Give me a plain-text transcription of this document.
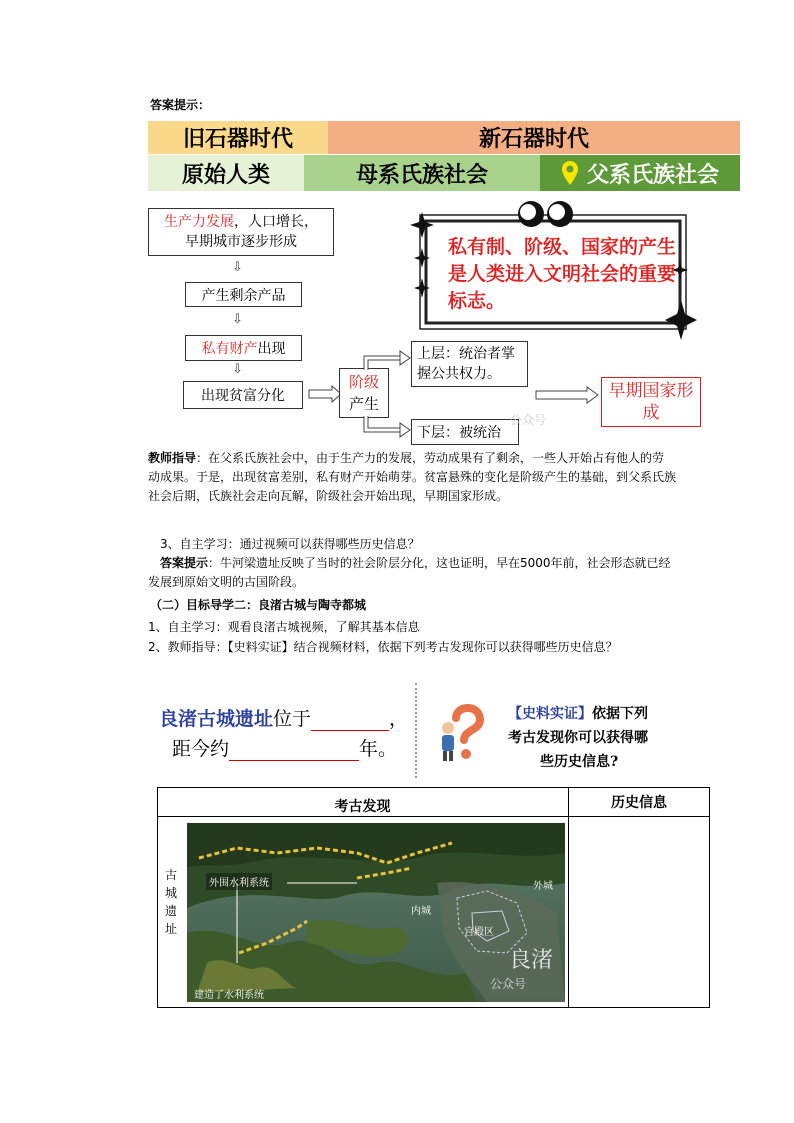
答案提示：
旧石器时代	新石器时代
原始人类	母系氏族社会	父系氏族社会
生产力发展，人口增长，
早期城市逐步形成
⇩
产生剩余产品
⇩
私有财产 出现
⇩
出现贫富分化
阶级
产生
上层：统治者掌握公共权力。
下层：被统治
早期国家形成
公众号
私有制、阶级、国家的产生是人类进入文明社会的重要标志。

教师指导：在父系氏族社会中，由于生产力的发展，劳动成果有了剩余，一些人开始占有他人的劳动成果。于是，出现贫富差别，私有财产开始萌芽。贫富悬殊的变化是阶级产生的基础，到父系氏族社会后期，氏族社会走向瓦解，阶级社会开始出现，早期国家形成。

3、自主学习：通过视频可以获得哪些历史信息？

答案提示：牛河梁遗址反映了当时的社会阶层分化，这也证明，早在5000年前，社会形态就已经发展到原始文明的古国阶段。

（二）目标导学二：良渚古城与陶寺都城

1、自主学习：观看良渚古城视频，了解其基本信息

2、教师指导：【史料实证】结合视频材料，依据下列考古发现你可以获得哪些历史信息？

良渚古城遗址位于	，
距今约	年。
【史料实证】依据下列
考古发现你可以获得哪
些历史信息?
考古发现	历史信息
古城遗址
外围水利系统	外城
内城
宫殿区
建造了水利系统
良渚
公众号
